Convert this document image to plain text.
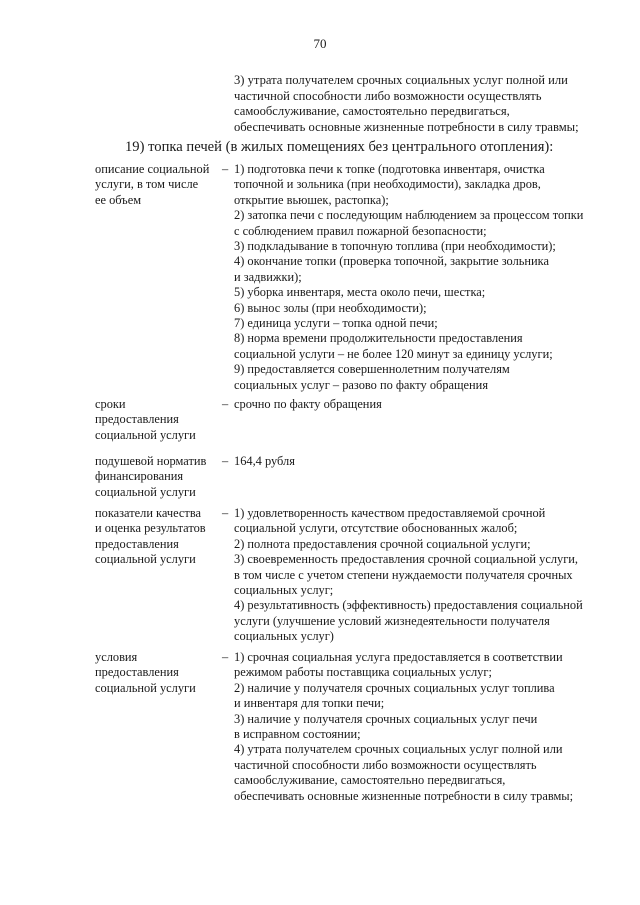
70
3) утрата получателем срочных социальных услуг полной или
частичной способности либо возможности осуществлять
самообслуживание, самостоятельно передвигаться,
обеспечивать основные жизненные потребности в силу травмы;
19) топка печей (в жилых помещениях без центрального отопления):
описание социальной
услуги, в том числе
ее объем
– 1) подготовка печи к топке (подготовка инвентаря, очистка
топочной и зольника (при необходимости), закладка дров,
открытие вьюшек, растопка);
2) затопка печи с последующим наблюдением за процессом топки
с соблюдением правил пожарной безопасности;
3) подкладывание в топочную топлива (при необходимости);
4) окончание топки (проверка топочной, закрытие зольника
и задвижки);
5) уборка инвентаря, места около печи, шестка;
6) вынос золы (при необходимости);
7) единица услуги – топка одной печи;
8) норма времени продолжительности предоставления
социальной услуги – не более 120 минут за единицу услуги;
9) предоставляется совершеннолетним получателям
социальных услуг – разово по факту обращения
сроки
предоставления
социальной услуги
– срочно по факту обращения
подушевой норматив
финансирования
социальной услуги
– 164,4 рубля
показатели качества
и оценка результатов
предоставления
социальной услуги
– 1) удовлетворенность качеством предоставляемой срочной
социальной услуги, отсутствие обоснованных жалоб;
2) полнота предоставления срочной социальной услуги;
3) своевременность предоставления срочной социальной услуги,
в том числе с учетом степени нуждаемости получателя срочных
социальных услуг;
4) результативность (эффективность) предоставления социальной
услуги (улучшение условий жизнедеятельности получателя
социальных услуг)
условия
предоставления
социальной услуги
– 1) срочная социальная услуга предоставляется в соответствии
режимом работы поставщика социальных услуг;
2) наличие у получателя срочных социальных услуг топлива
и инвентаря для топки печи;
3) наличие у получателя срочных социальных услуг печи
в исправном состоянии;
4) утрата получателем срочных социальных услуг полной или
частичной способности либо возможности осуществлять
самообслуживание, самостоятельно передвигаться,
обеспечивать основные жизненные потребности в силу травмы;
